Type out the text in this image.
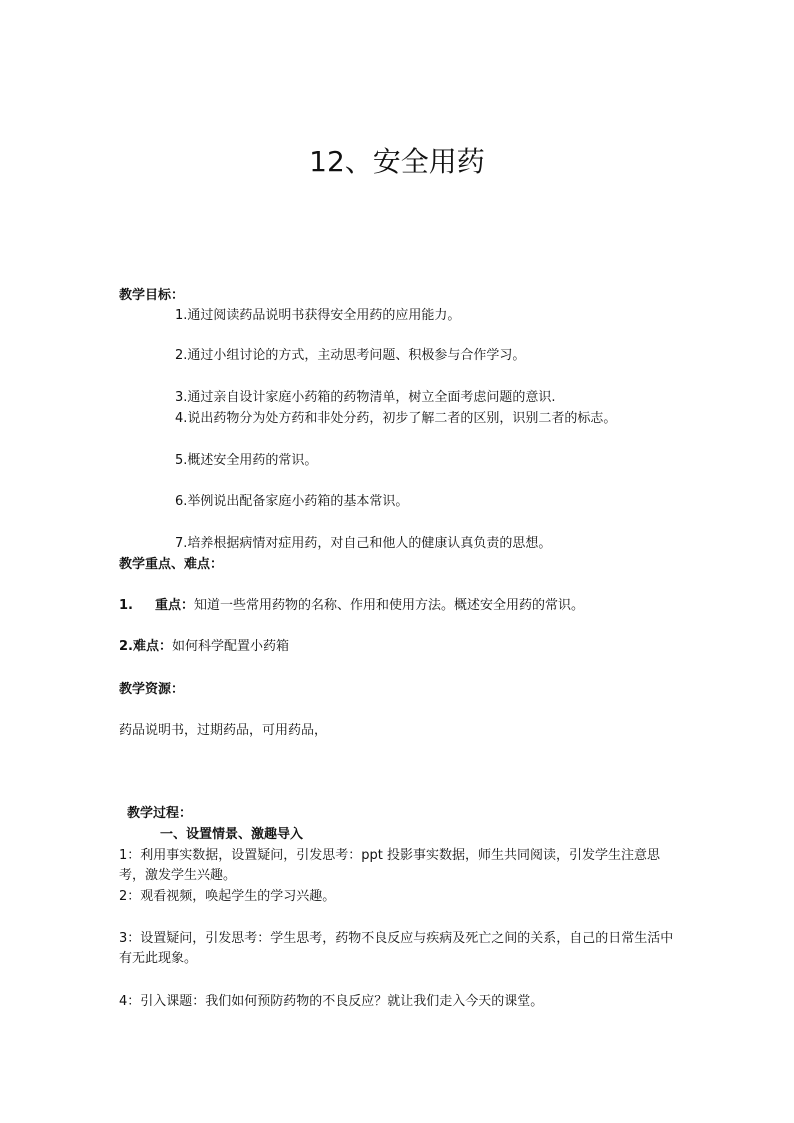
12、安全用药
教学目标：
1.通过阅读药品说明书获得安全用药的应用能力。
2.通过小组讨论的方式，主动思考问题、积极参与合作学习。
3.通过亲自设计家庭小药箱的药物清单，树立全面考虑问题的意识.
4.说出药物分为处方药和非处分药，初步了解二者的区别，识别二者的标志。
5.概述安全用药的常识。
6.举例说出配备家庭小药箱的基本常识。
7.培养根据病情对症用药，对自己和他人的健康认真负责的思想。
教学重点、难点：
1. 重点：知道一些常用药物的名称、作用和使用方法。概述安全用药的常识。
2.难点：如何科学配置小药箱
教学资源：
药品说明书，过期药品，可用药品，
教学过程：
一、设置情景、激趣导入
1：利用事实数据，设置疑问，引发思考：ppt 投影事实数据，师生共同阅读，引发学生注意思考，激发学生兴趣。
2：观看视频，唤起学生的学习兴趣。
3：设置疑问，引发思考：学生思考，药物不良反应与疾病及死亡之间的关系，自己的日常生活中有无此现象。
4：引入课题：我们如何预防药物的不良反应？就让我们走入今天的课堂。
